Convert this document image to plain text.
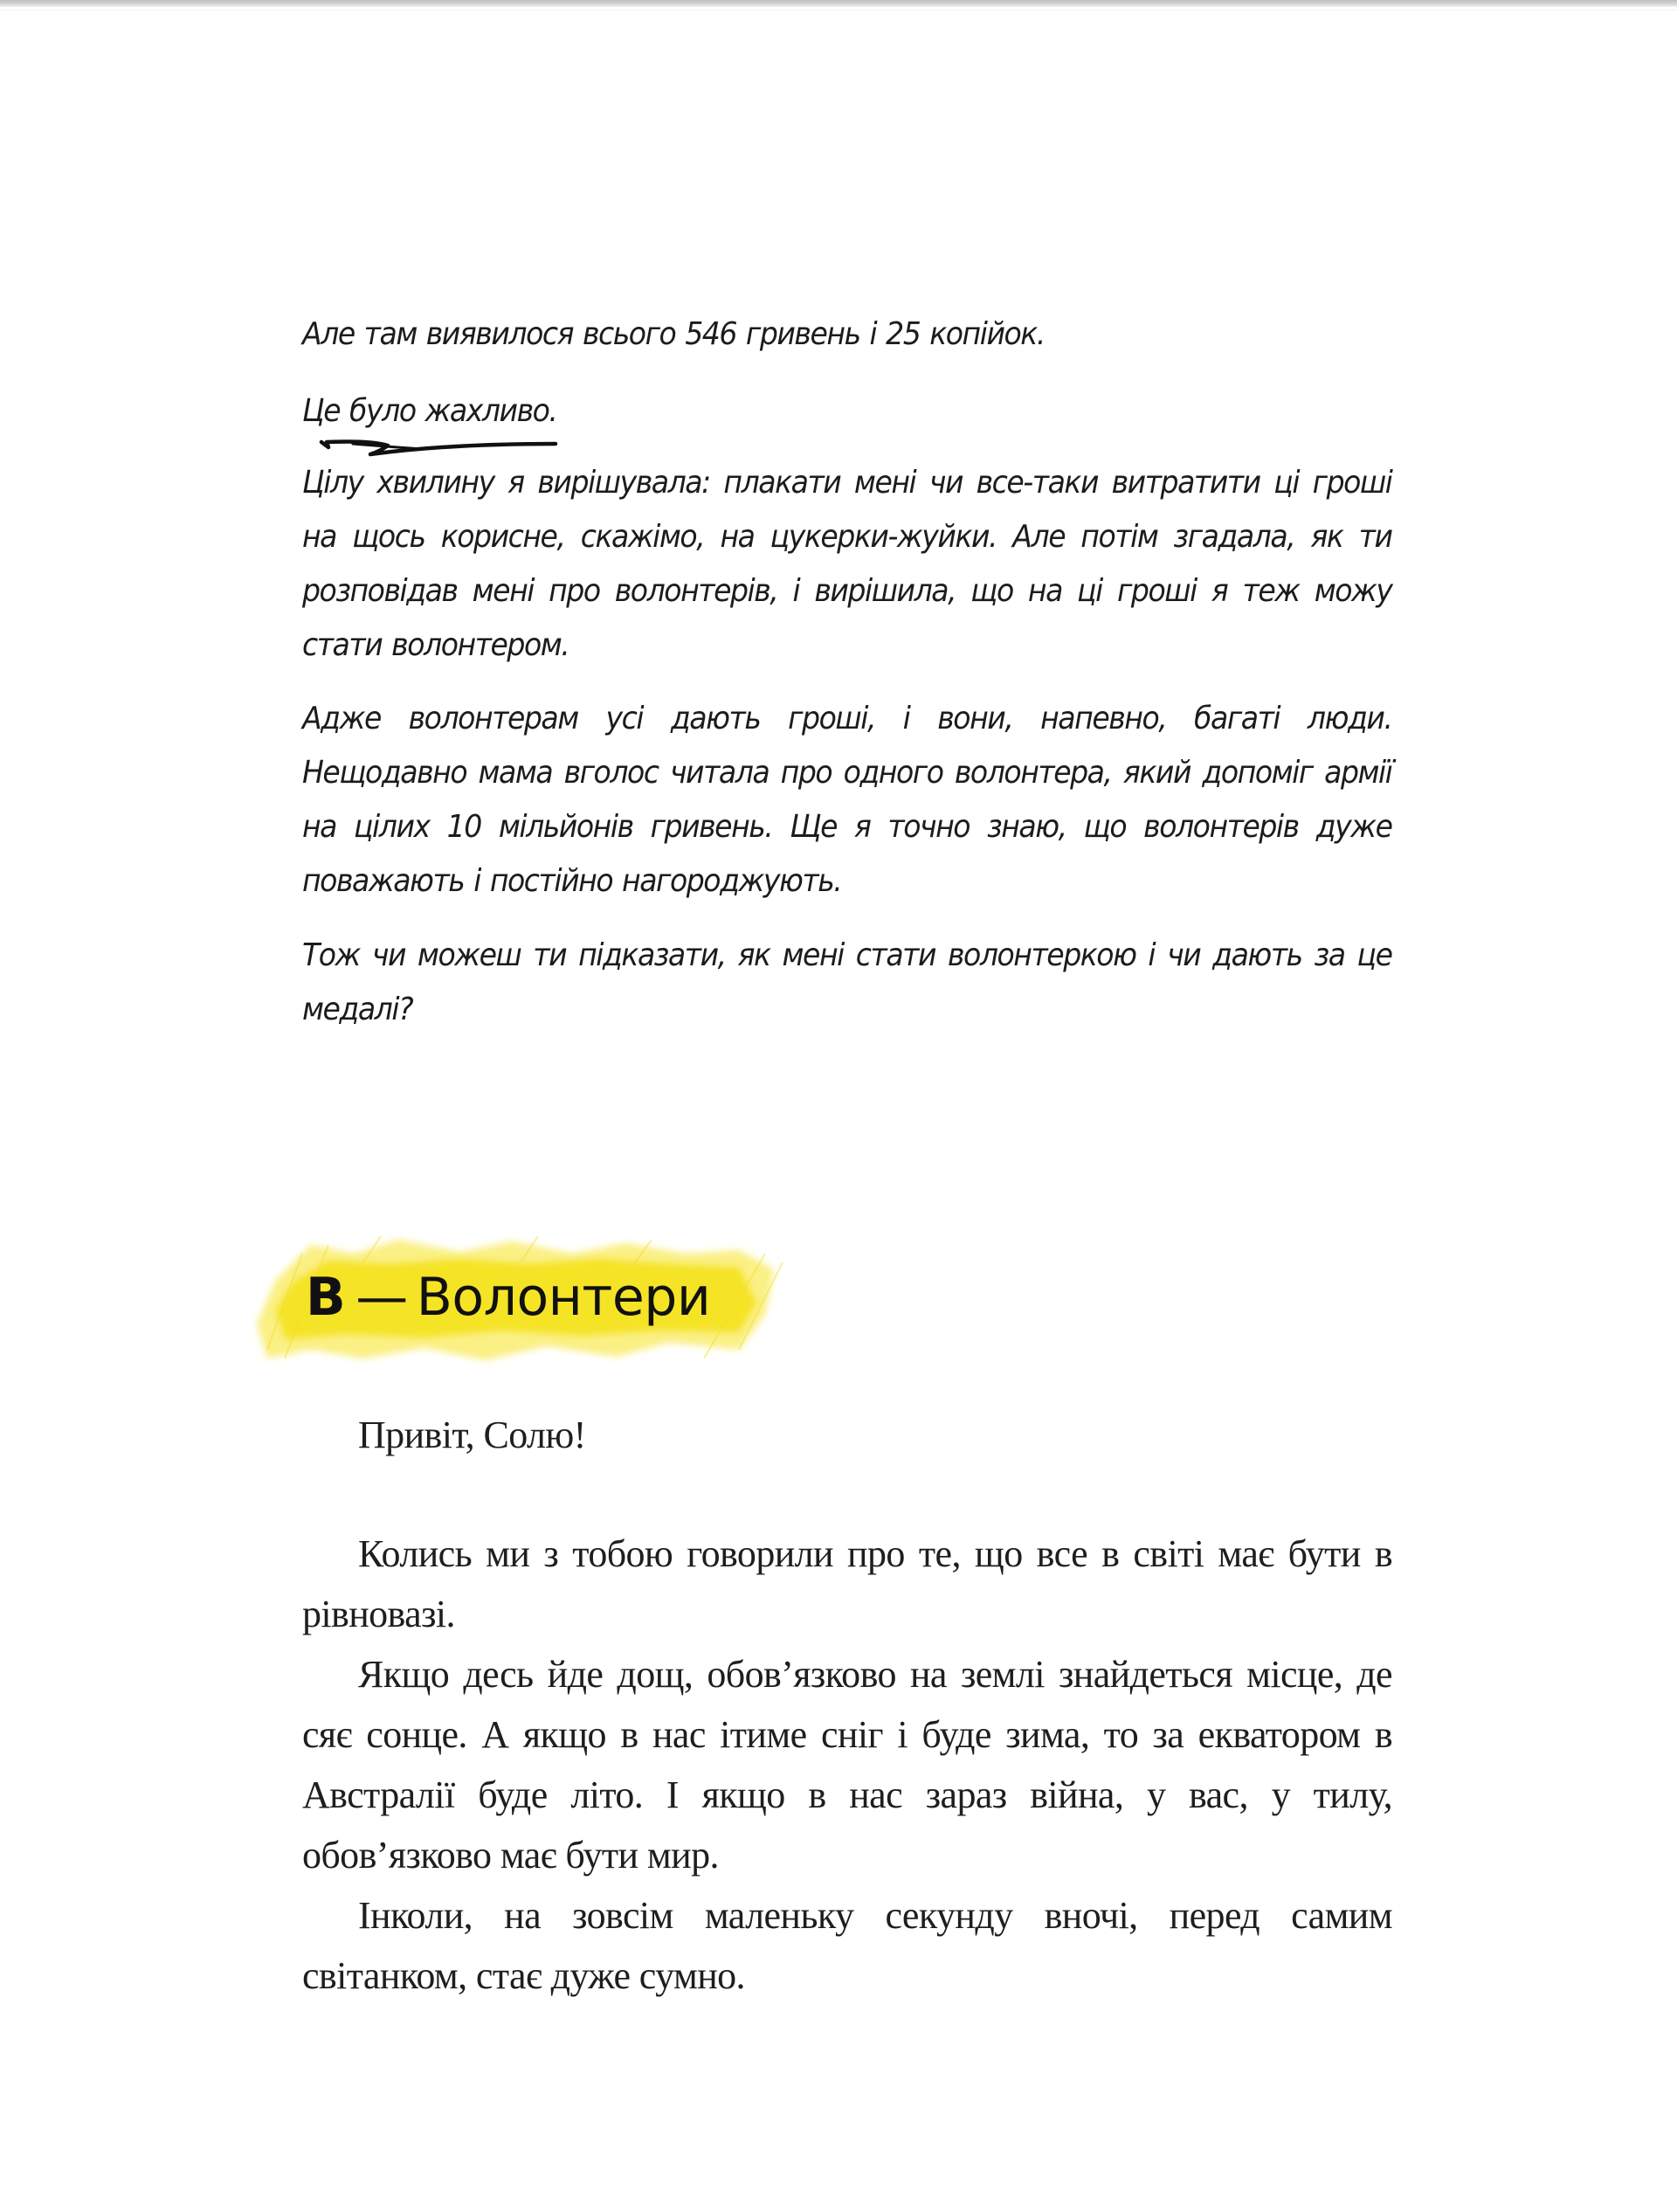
Але там виявилося всього 546 гривень і 25 копійок.

Це було жахливо.

Цілу хвилину я вирішувала: плакати мені чи все-таки витратити ці гроші на щось корисне, скажімо, на цукерки-жуйки. Але потім згадала, як ти розповідав мені про волонтерів, і вирішила, що на ці гроші я теж можу стати волонтером.

Адже волонтерам усі дають гроші, і вони, напевно, багаті люди. Нещодавно мама вголос читала про одного волонтера, який допоміг армії на цілих 10 мільйонів гривень. Ще я точно знаю, що волонтерів дуже поважають і постійно нагороджують.

Тож чи можеш ти підказати, як мені стати волонтеркою і чи дають за це медалі?

В — Волонтери

Привіт, Солю!

Колись ми з тобою говорили про те, що все в світі має бути в рівновазі.

Якщо десь йде дощ, обов’язково на землі знайдеться місце, де сяє сонце. А якщо в нас ітиме сніг і буде зима, то за екватором в Австралії буде літо. І якщо в нас зараз війна, у вас, у тилу, обов’язково має бути мир.

Інколи, на зовсім маленьку секунду вночі, перед самим світанком, стає дуже сумно.
